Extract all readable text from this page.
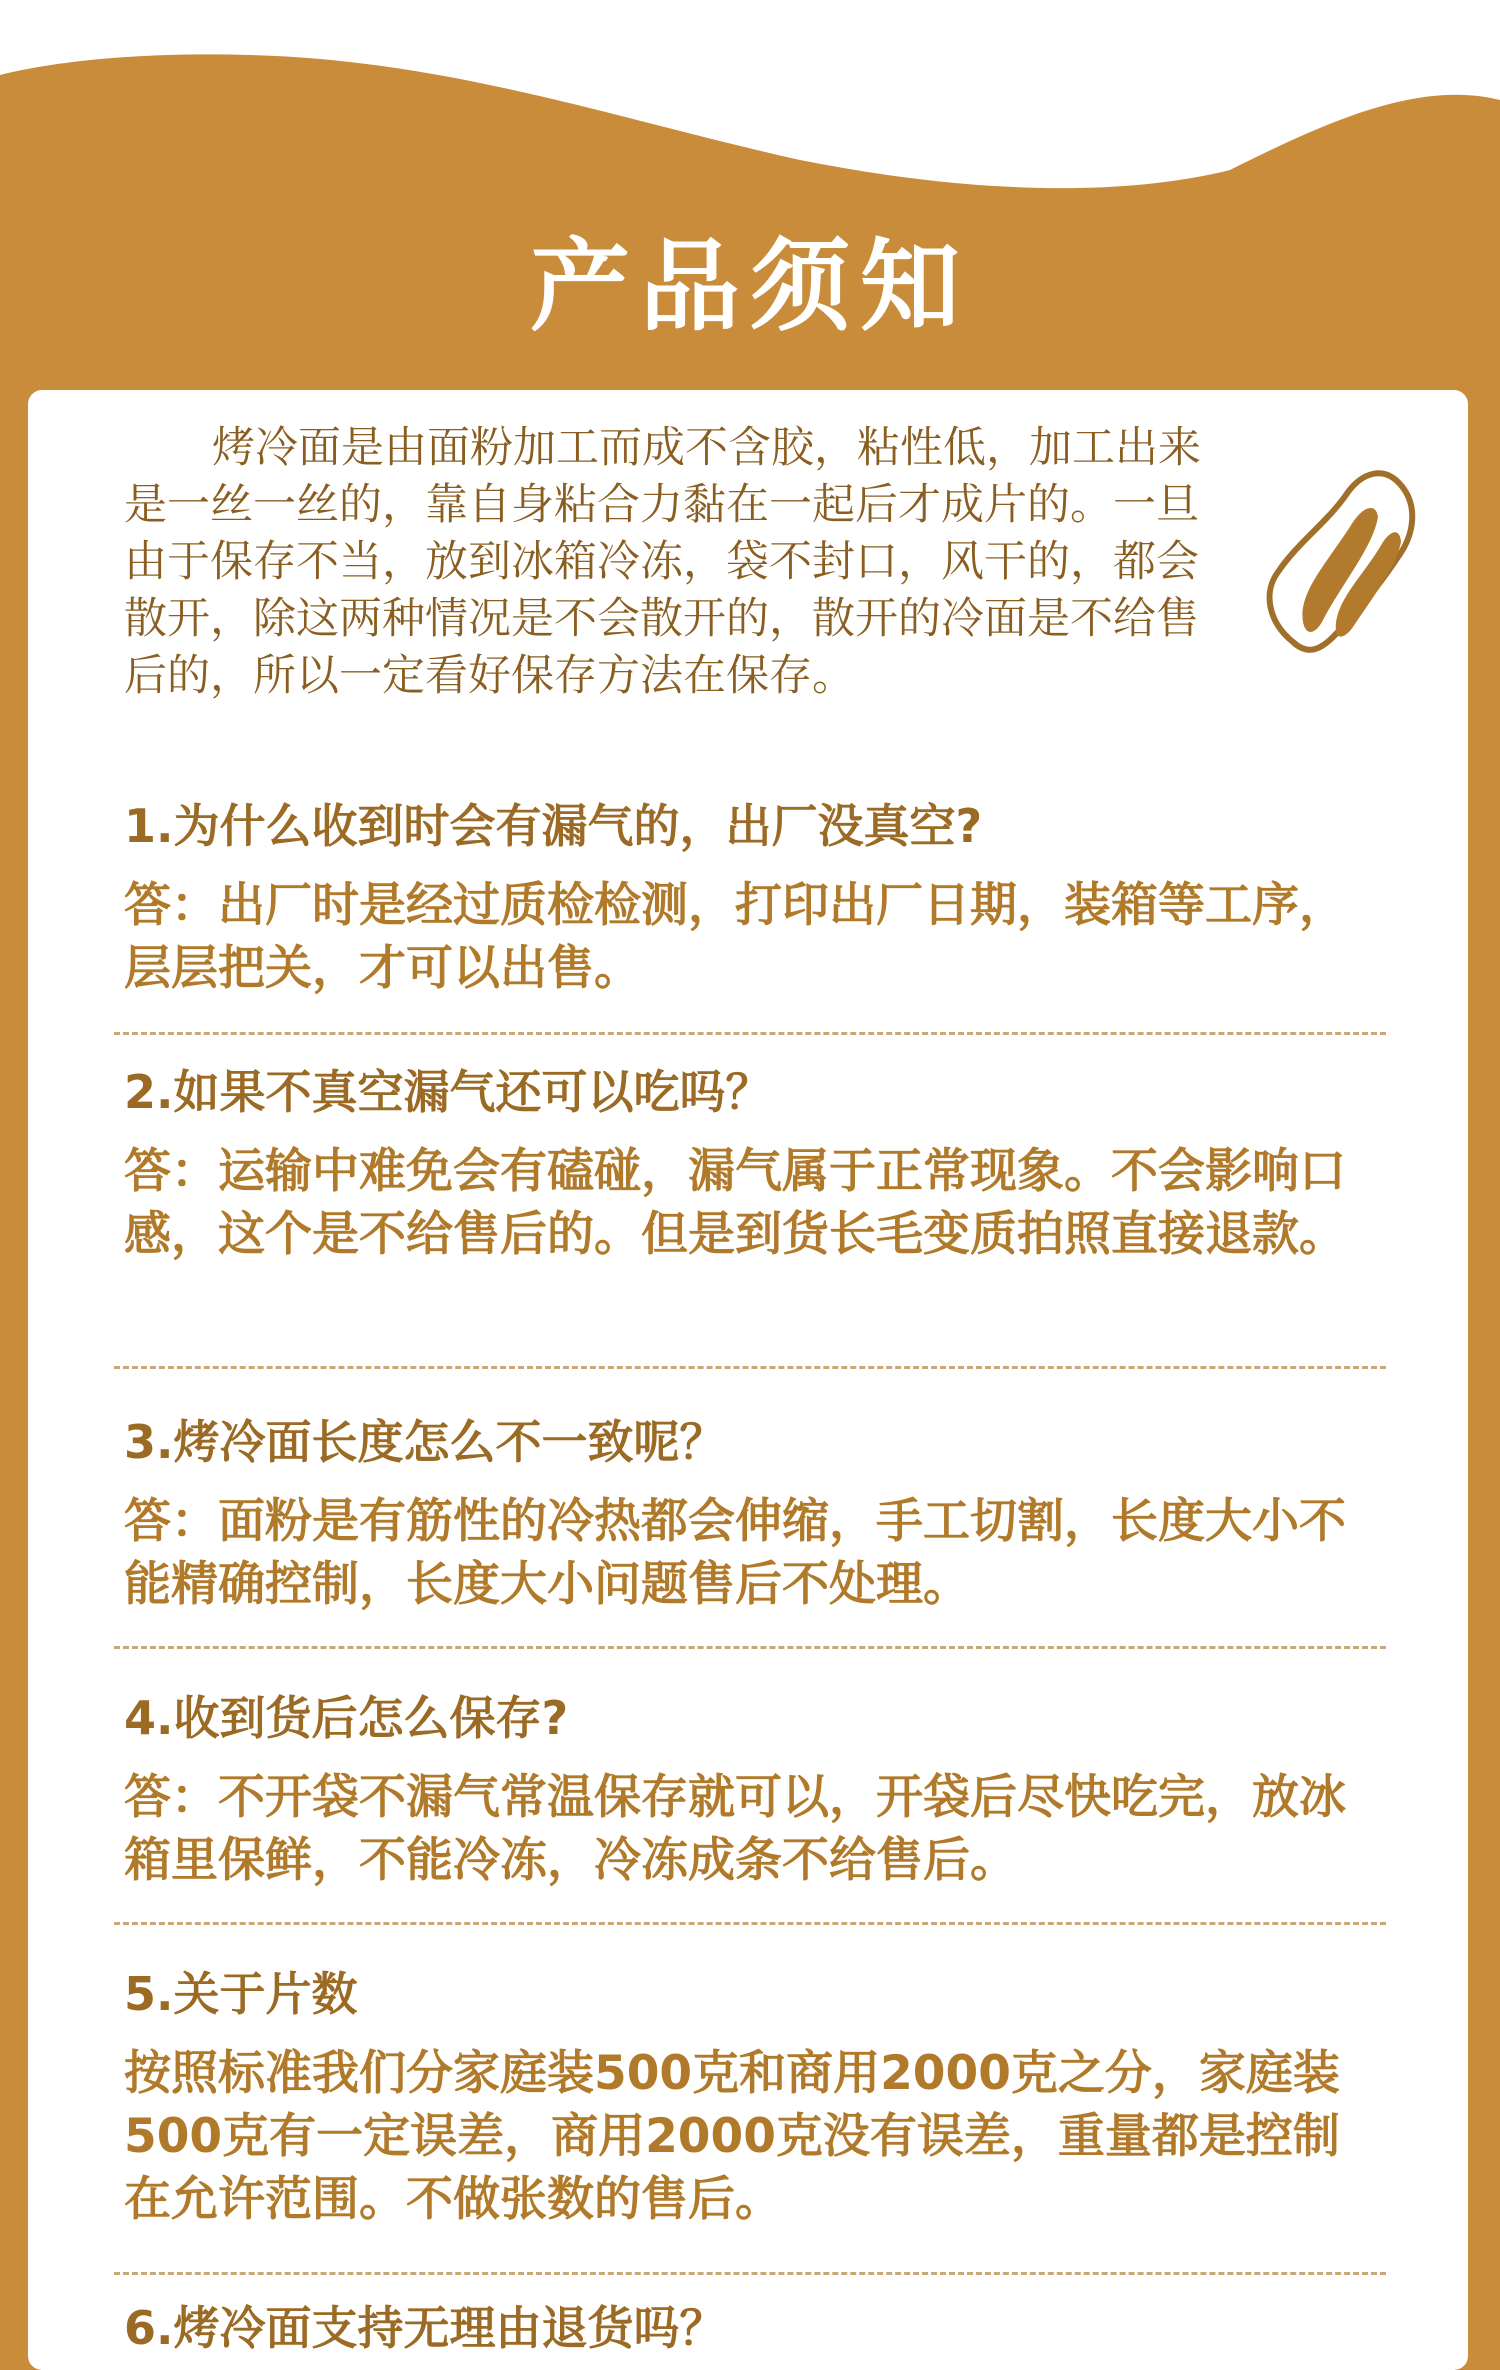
产品须知
烤冷面是由面粉加工而成不含胶，粘性低，加工出来是一丝一丝的，靠自身粘合力黏在一起后才成片的。一旦由于保存不当，放到冰箱冷冻，袋不封口，风干的，都会散开，除这两种情况是不会散开的，散开的冷面是不给售后的，所以一定看好保存方法在保存。
1.为什么收到时会有漏气的，出厂没真空?
答：出厂时是经过质检检测，打印出厂日期，装箱等工序，层层把关，才可以出售。
2.如果不真空漏气还可以吃吗？
答：运输中难免会有磕碰，漏气属于正常现象。不会影响口感，这个是不给售后的。但是到货长毛变质拍照直接退款。
3.烤冷面长度怎么不一致呢？
答：面粉是有筋性的冷热都会伸缩，手工切割，长度大小不能精确控制，长度大小问题售后不处理。
4.收到货后怎么保存?
答：不开袋不漏气常温保存就可以，开袋后尽快吃完，放冰箱里保鲜，不能冷冻，冷冻成条不给售后。
5.关于片数
按照标准我们分家庭装500克和商用2000克之分，家庭装500克有一定误差，商用2000克没有误差，重量都是控制在允许范围。不做张数的售后。
6.烤冷面支持无理由退货吗？
